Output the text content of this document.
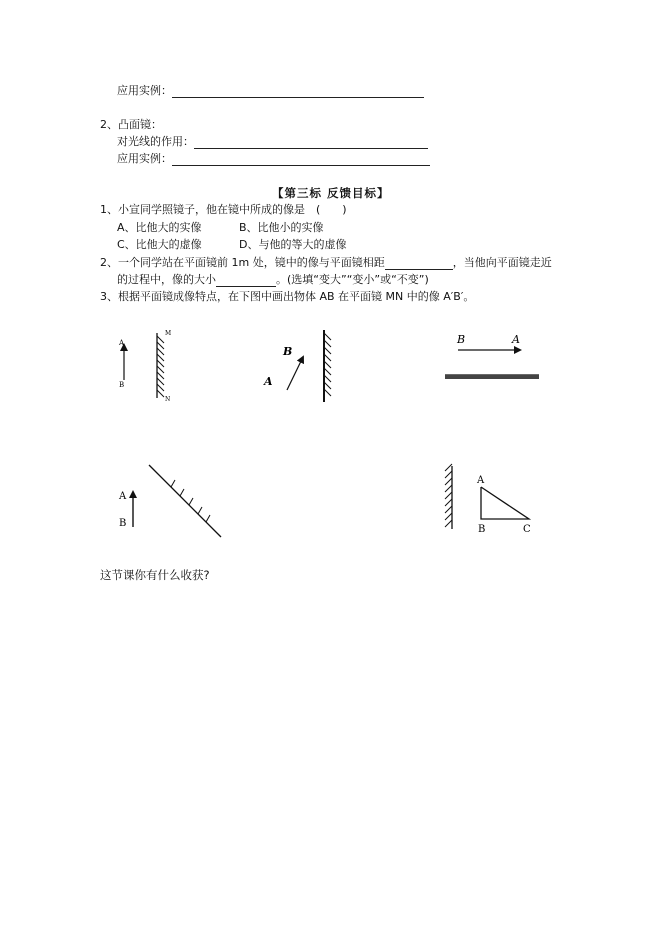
应用实例：
2、凸面镜：
对光线的作用：
应用实例：
【第三标 反馈目标】
1、小宣同学照镜子，他在镜中所成的像是　(　　)
A、比他大的实像	B、比他小的实像
C、比他大的虚像	D、与他的等大的虚像
2、一个同学站在平面镜前 1m 处，镜中的像与平面镜相距	，当他向平面镜走近
的过程中，像的大小	。(选填“变大”“变小”或“不变”)
3、根据平面镜成像特点，在下图中画出物体 AB 在平面镜 MN 中的像 A′B′。
A
B
M
N
A
B
B	A
A
B
A
B	C
这节课你有什么收获?
